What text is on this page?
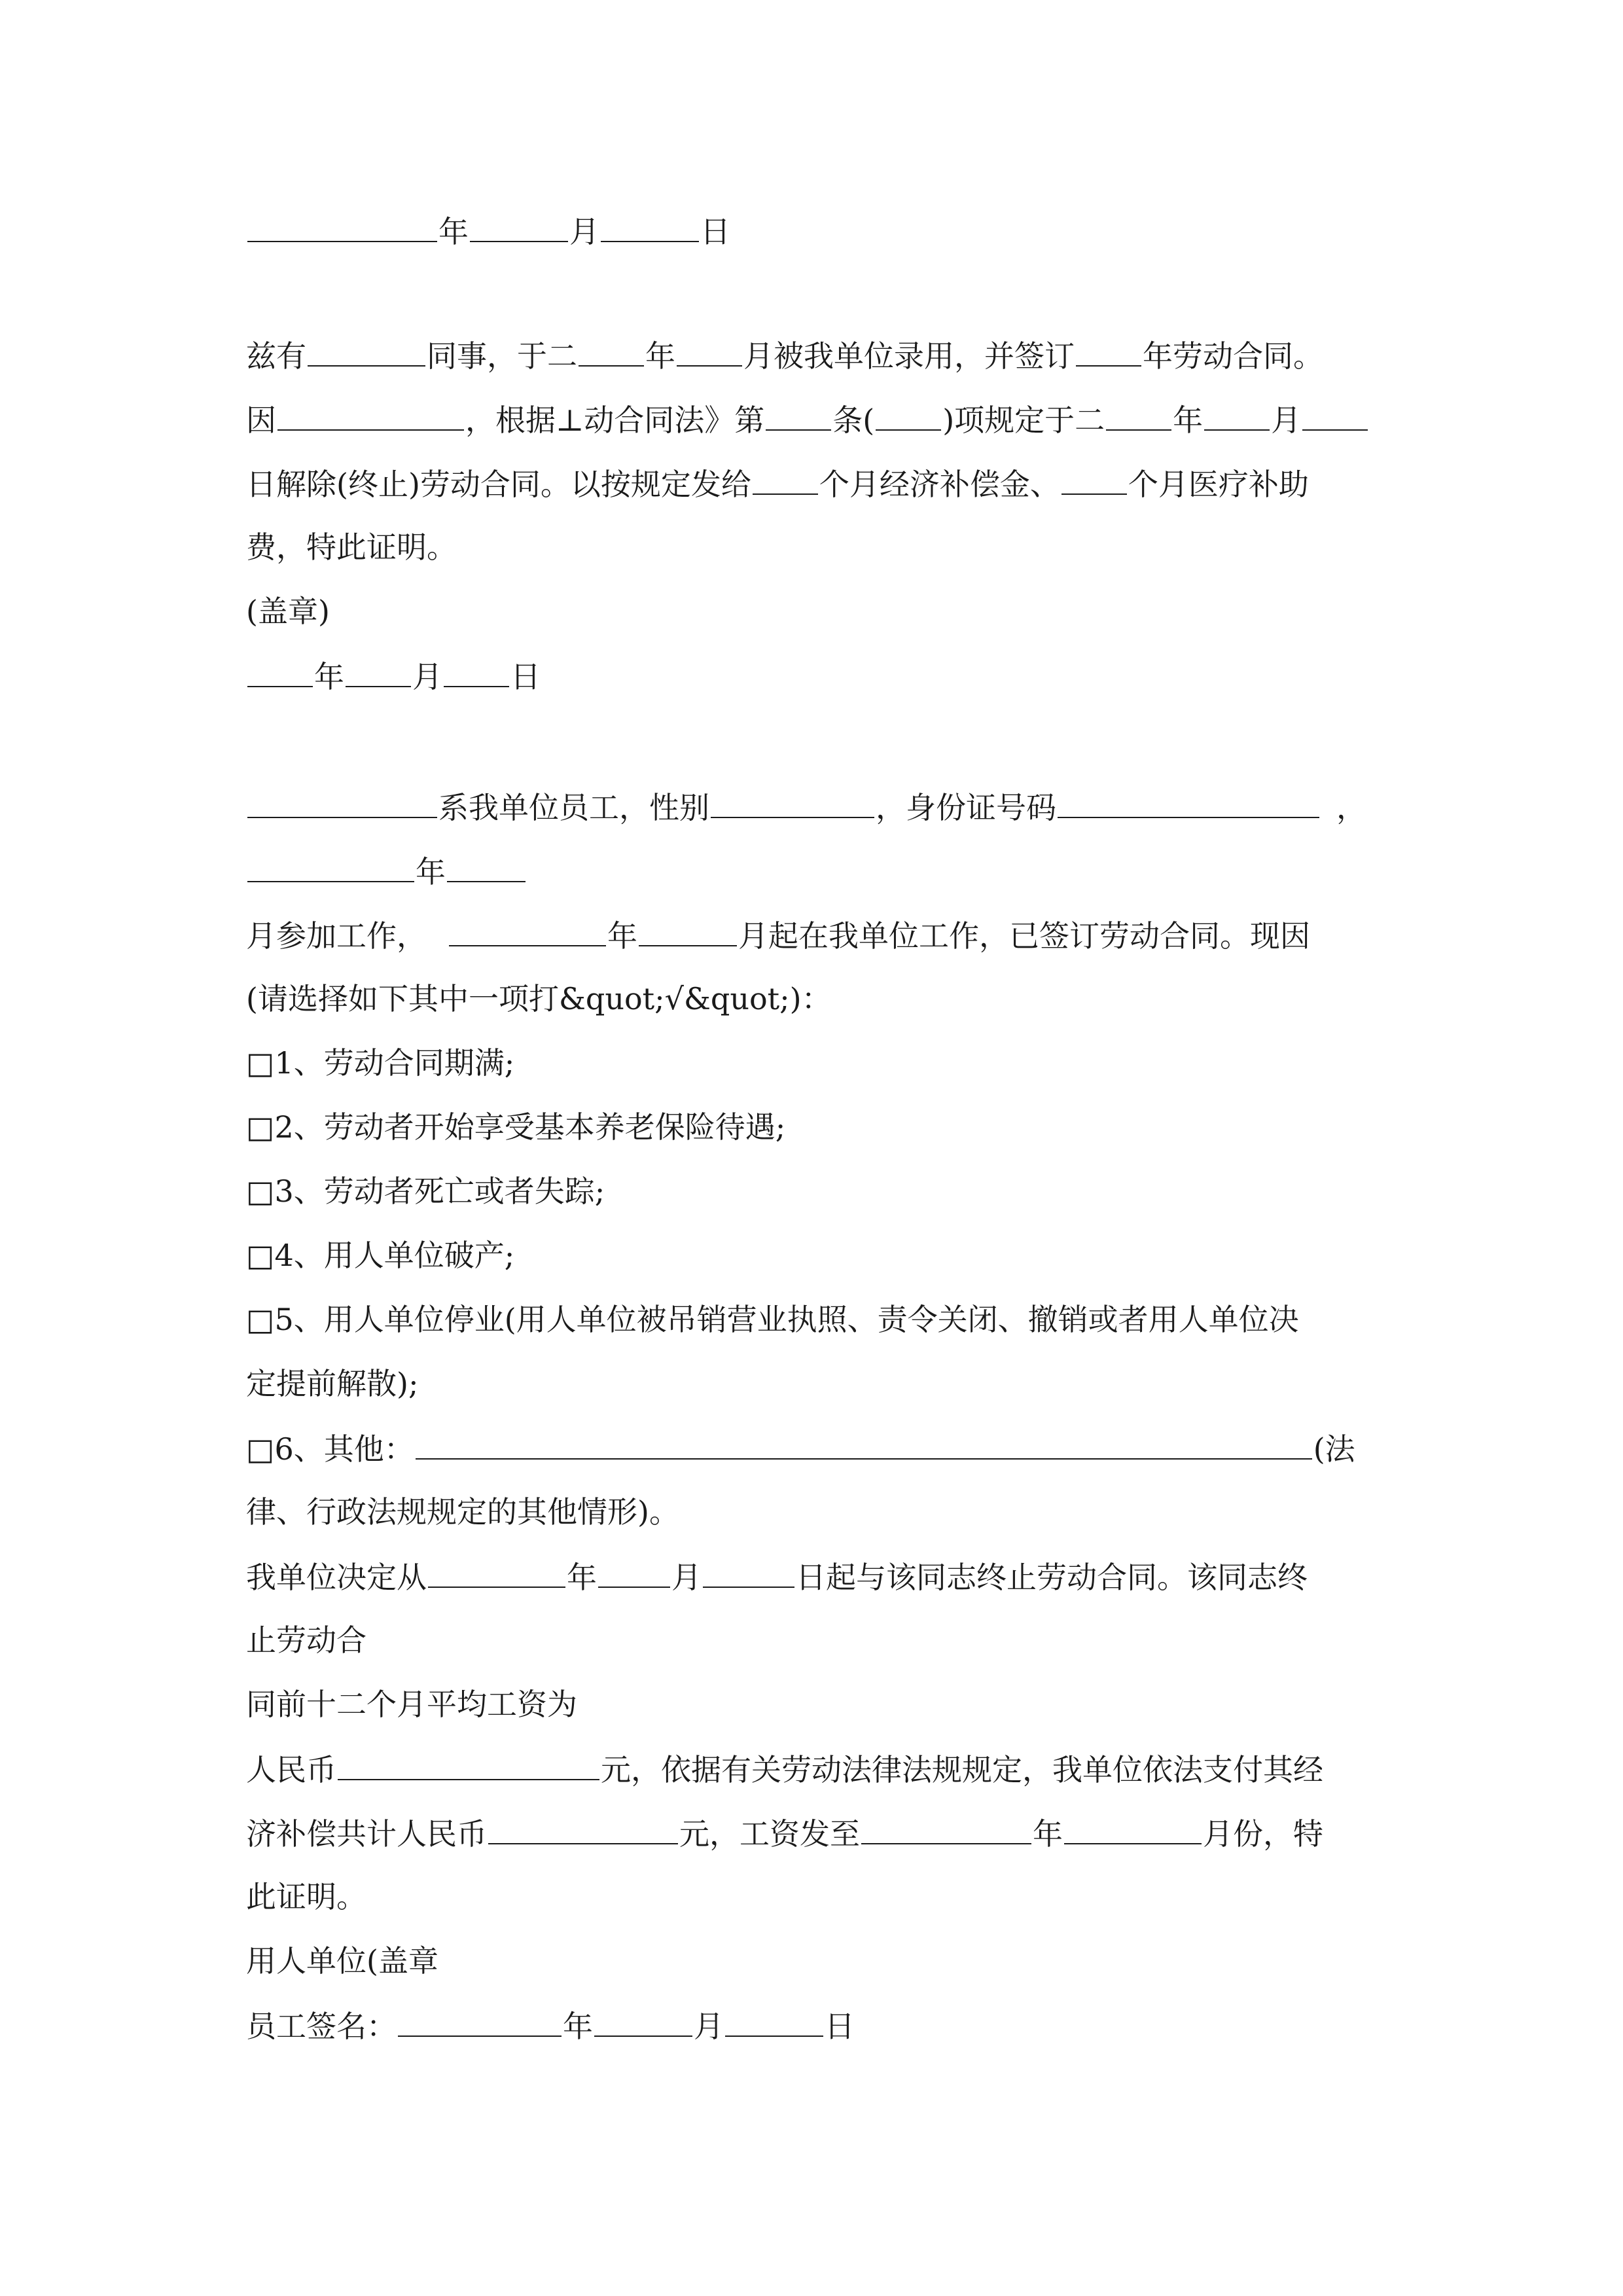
年	月	日
兹有	同事，于二 年 月被我单位录用，并签订 年劳动合同。
因	，根据⊥动合同法》第 条( )项规定于二 年 月
日解除(终止)劳动合同。以按规定发给 个月经济补偿金、 个月医疗补助
费，特此证明。
(盖章)
年 月 日
系我单位员工，性别	，身份证号码	，
年
月参加工作，	年	月起在我单位工作，已签订劳动合同。现因
(请选择如下其中一项打&quot;√&quot;)：
□1、劳动合同期满;
□2、劳动者开始享受基本养老保险待遇;
□3、劳动者死亡或者失踪;
□4、用人单位破产;
□5、用人单位停业(用人单位被吊销营业执照、责令关闭、撤销或者用人单位决
定提前解散);
□6、其他：	(法
律、行政法规规定的其他情形)。
我单位决定从	年 月	日起与该同志终止劳动合同。该同志终
止劳动合
同前十二个月平均工资为
人民币	元，依据有关劳动法律法规规定，我单位依法支付其经
济补偿共计人民币	元，工资发至	年	月份，特
此证明。
用人单位(盖章
员工签名：	年	月	日
